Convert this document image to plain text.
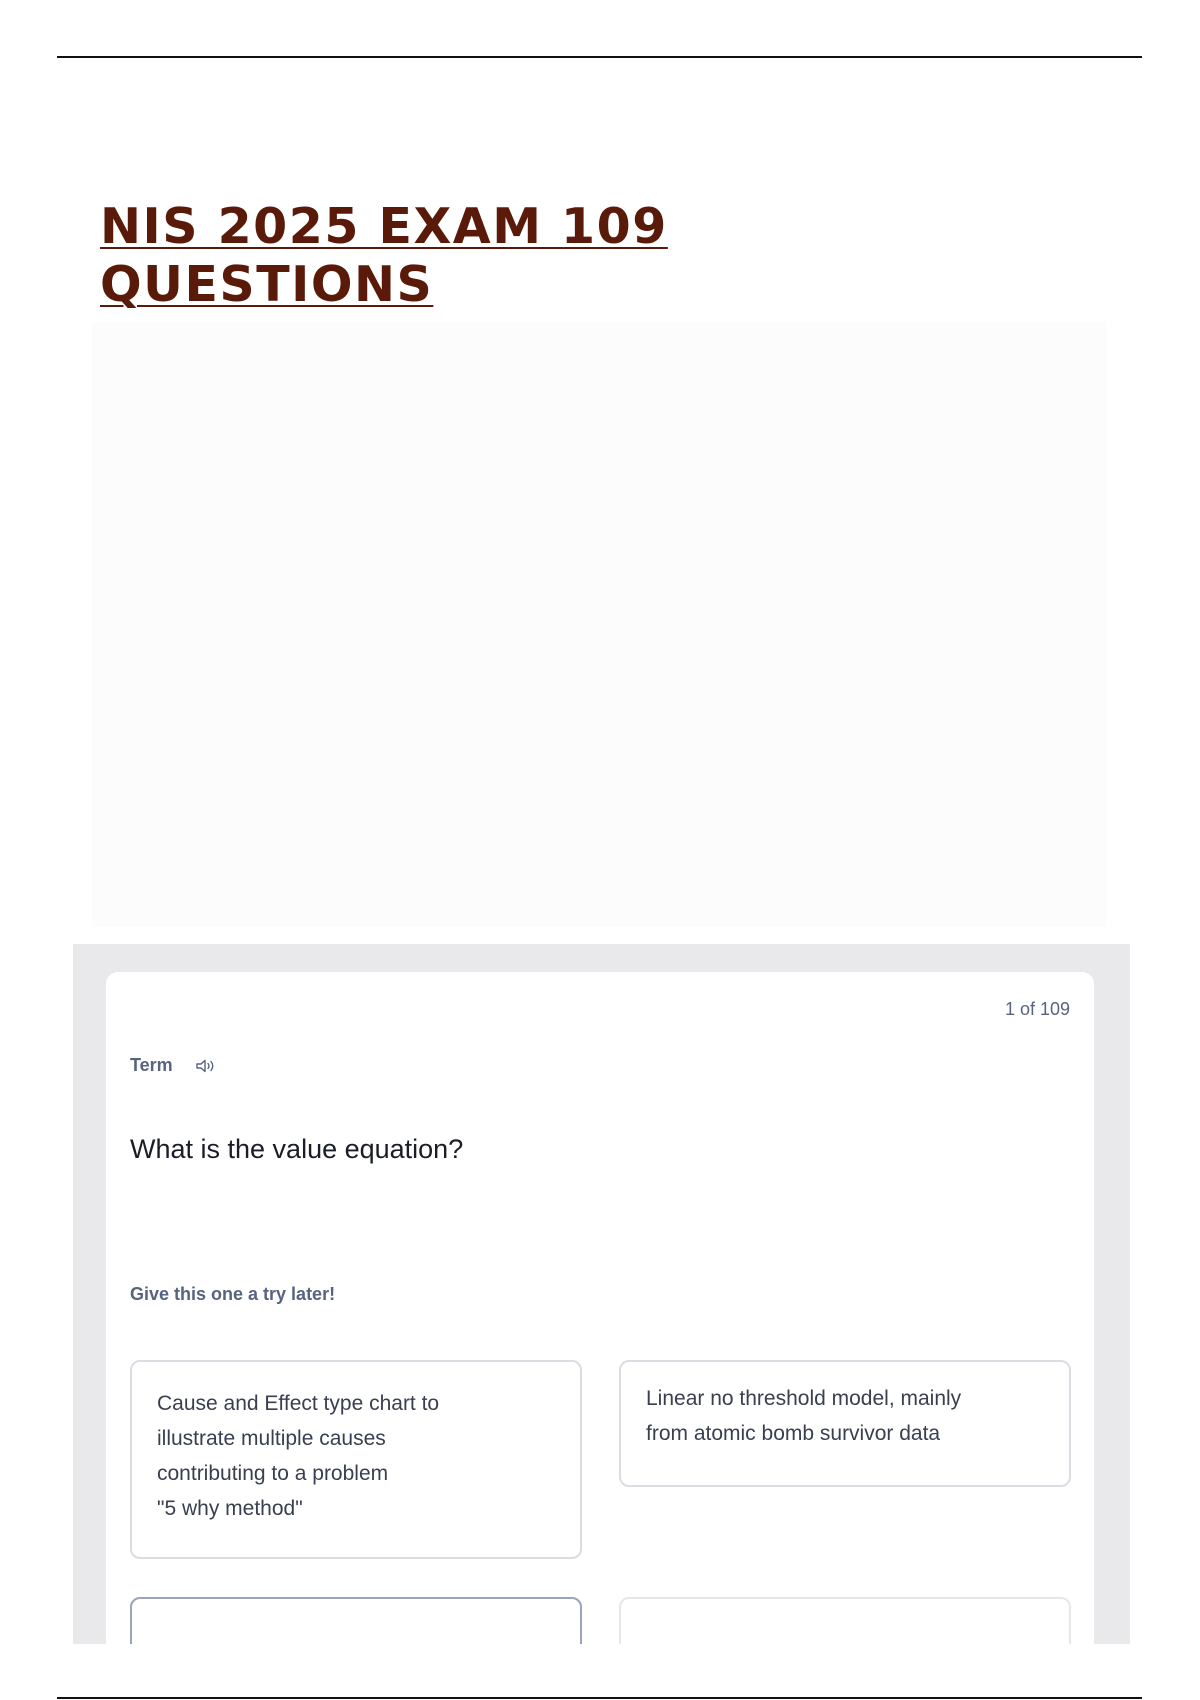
NIS 2025 EXAM 109 QUESTIONS
1 of 109
Term
What is the value equation?
Give this one a try later!

Cause and Effect type chart to

illustrate multiple causes

contributing to a problem

"5 why method"

Linear no threshold model, mainly

from atomic bomb survivor data
